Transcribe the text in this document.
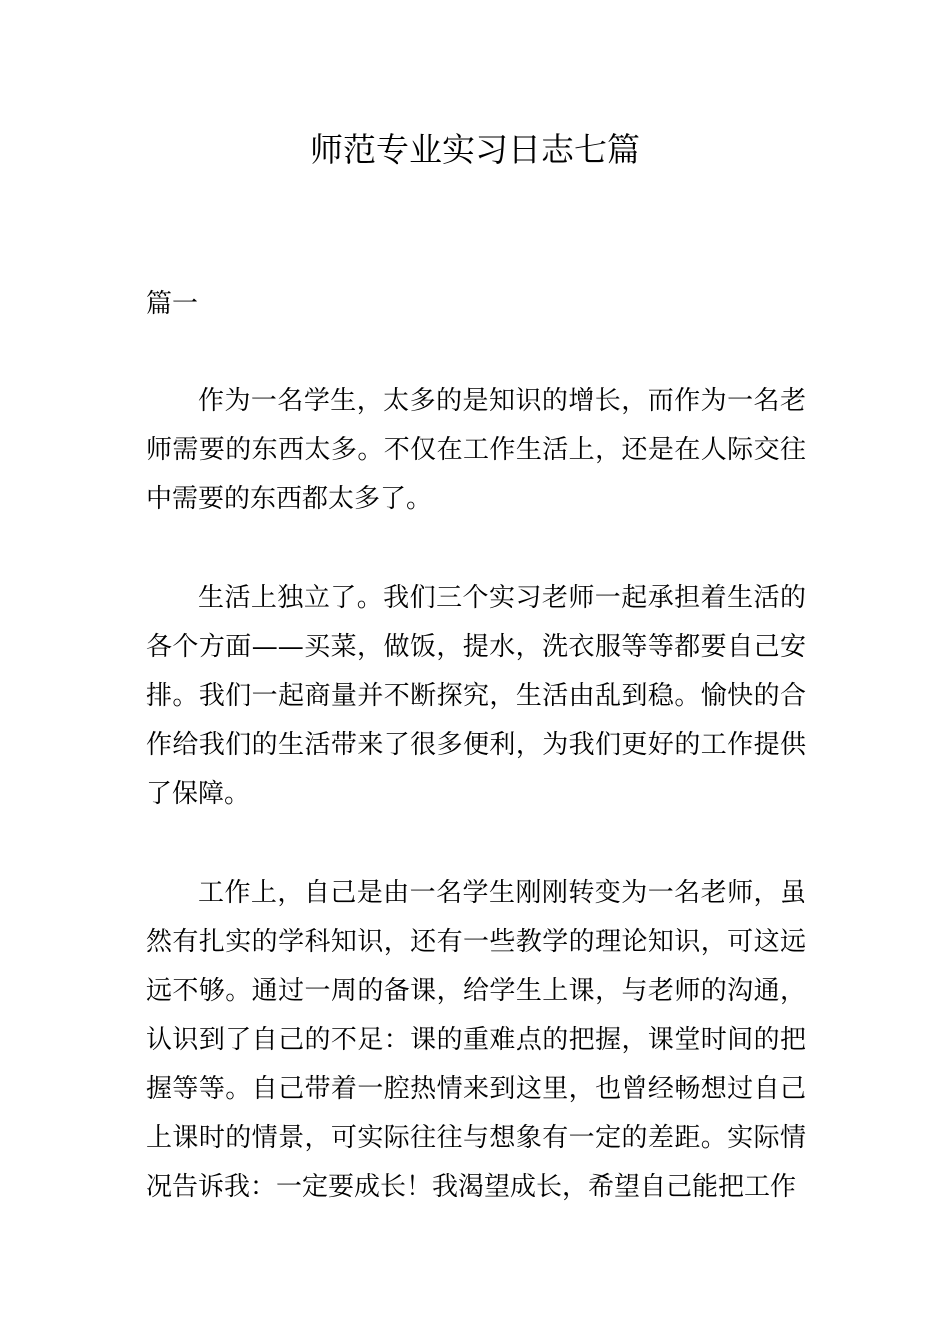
师范专业实习日志七篇

篇一

作为一名学生，太多的是知识的增长，而作为一名老师需要的东西太多。不仅在工作生活上，还是在人际交往中需要的东西都太多了。

生活上独立了。我们三个实习老师一起承担着生活的各个方面——买菜，做饭，提水，洗衣服等等都要自己安排。我们一起商量并不断探究，生活由乱到稳。愉快的合作给我们的生活带来了很多便利，为我们更好的工作提供了保障。

工作上，自己是由一名学生刚刚转变为一名老师，虽然有扎实的学科知识，还有一些教学的理论知识，可这远远不够。通过一周的备课，给学生上课，与老师的沟通，认识到了自己的不足：课的重难点的把握，课堂时间的把握等等。自己带着一腔热情来到这里，也曾经畅想过自己上课时的情景，可实际往往与想象有一定的差距。实际情况告诉我：一定要成长！我渴望成长，希望自己能把工作
